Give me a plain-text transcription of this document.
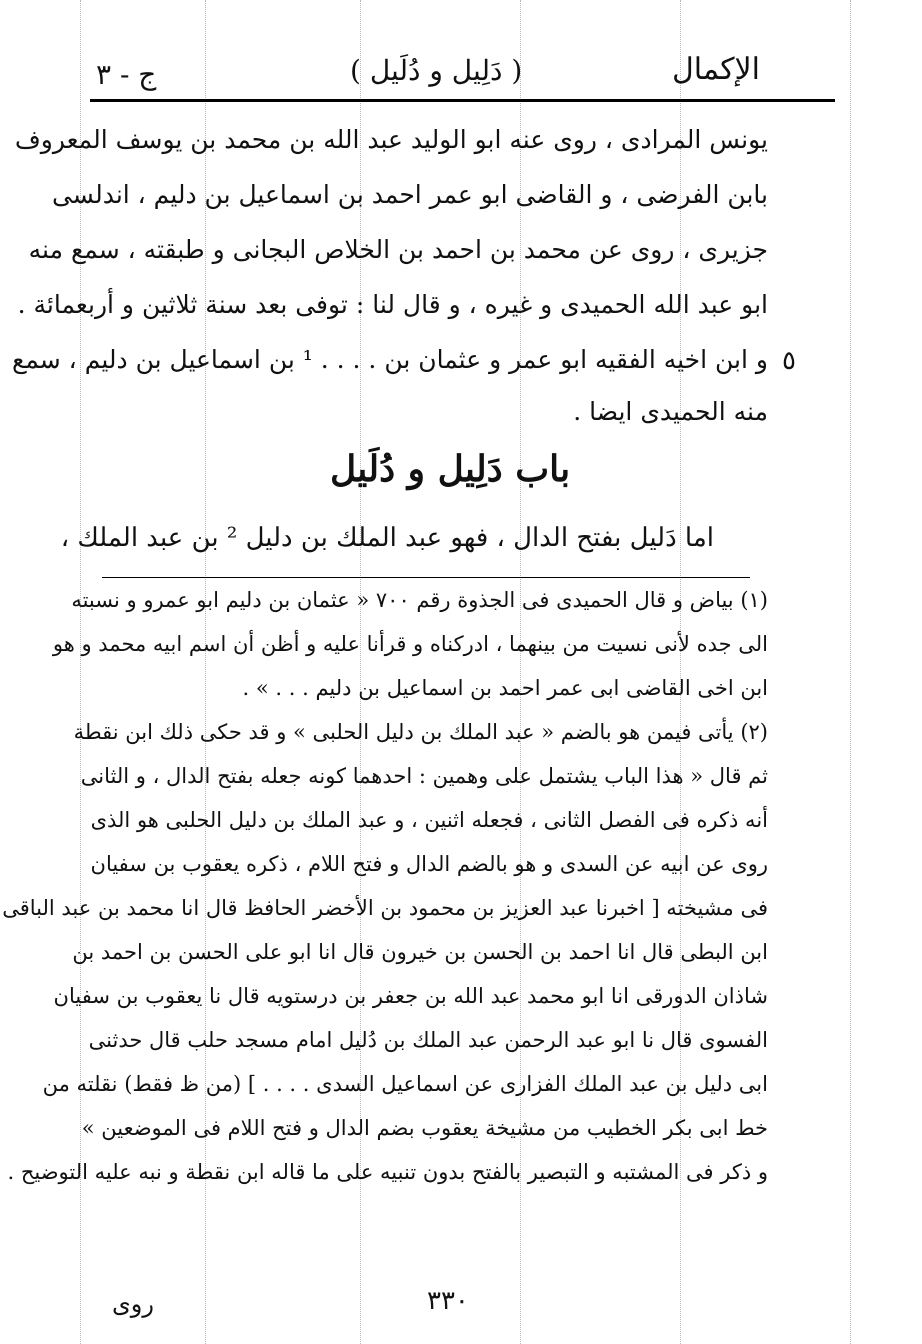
الإكمال
( دَلِيل و دُلَيل )
ج - ٣
يونس المرادى ، روى عنه ابو الوليد عبد الله بن محمد بن يوسف المعروف
بابن الفرضى ، و القاضى ابو عمر احمد بن اسماعيل بن دليم ، اندلسى
جزيرى ، روى عن محمد بن احمد بن الخلاص البجانى و طبقته ، سمع منه
ابو عبد الله الحميدى و غيره ، و قال لنا : توفى بعد سنة ثلاثين و أربعمائة .
و ابن اخيه الفقيه ابو عمر و عثمان بن . . . . ¹ بن اسماعيل بن دليم ، سمع
منه الحميدى ايضا .
٥
باب دَلِيل و دُلَيل
اما دَليل بفتح الدال ، فهو عبد الملك بن دليل ² بن عبد الملك ،
(١) بياض و قال الحميدى فى الجذوة رقم ٧٠٠ « عثمان بن دليم ابو عمرو و نسبته
الى جده لأنى نسيت من بينهما ، ادركناه و قرأنا عليه و أظن أن اسم ابيه محمد و هو
ابن اخى القاضى ابى عمر احمد بن اسماعيل بن دليم . . . » .
(٢) يأتى فيمن هو بالضم « عبد الملك بن دليل الحلبى » و قد حكى ذلك ابن نقطة
ثم قال « هذا الباب يشتمل على وهمين : احدهما كونه جعله بفتح الدال ، و الثانى
أنه ذكره فى الفصل الثانى ، فجعله اثنين ، و عبد الملك بن دليل الحلبى هو الذى
روى عن ابيه عن السدى و هو بالضم الدال و فتح اللام ، ذكره يعقوب بن سفيان
فى مشيخته [ اخبرنا عبد العزيز بن محمود بن الأخضر الحافظ قال انا محمد بن عبد الباقى
ابن البطى قال انا احمد بن الحسن بن خيرون قال انا ابو على الحسن بن احمد بن
شاذان الدورقى انا ابو محمد عبد الله بن جعفر بن درستويه قال نا يعقوب بن سفيان
الفسوى قال نا ابو عبد الرحمن عبد الملك بن دُليل امام مسجد حلب قال حدثنى
ابى دليل بن عبد الملك الفزارى عن اسماعيل السدى . . . . ] (من ظ فقط) نقلته من
خط ابى بكر الخطيب من مشيخة يعقوب بضم الدال و فتح اللام فى الموضعين »
و ذكر فى المشتبه و التبصير بالفتح بدون تنبيه على ما قاله ابن نقطة و نبه عليه التوضيح .
٣٣٠
روى
